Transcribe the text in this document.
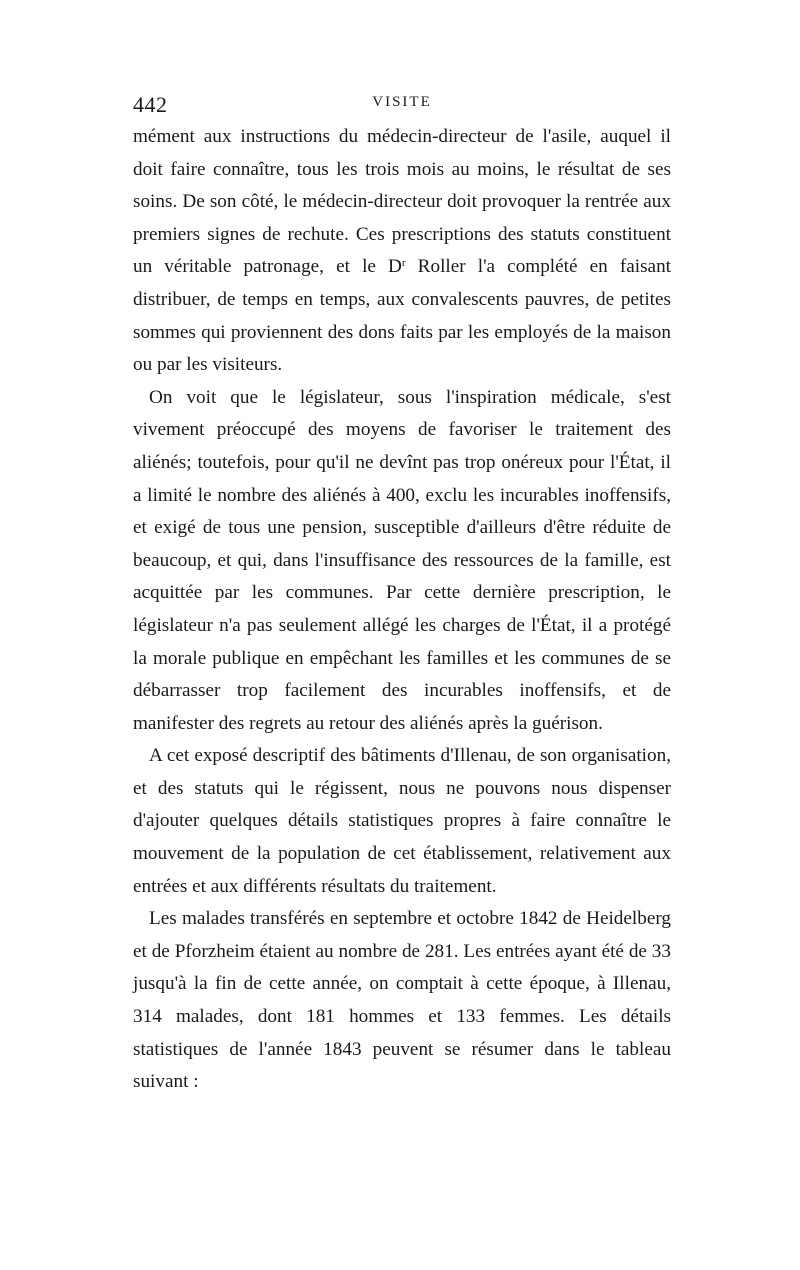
442	VISITE

mément aux instructions du médecin-directeur de l'asile, auquel il doit faire connaître, tous les trois mois au moins, le résultat de ses soins. De son côté, le médecin-directeur doit provoquer la rentrée aux premiers signes de rechute. Ces prescriptions des statuts constituent un véritable patronage, et le $D^r$ Roller l'a complété en faisant distribuer, de temps en temps, aux convalescents pauvres, de petites sommes qui proviennent des dons faits par les employés de la maison ou par les visiteurs.

On voit que le législateur, sous l'inspiration médicale, s'est vivement préoccupé des moyens de favoriser le traitement des aliénés; toutefois, pour qu'il ne devînt pas trop onéreux pour l'État, il a limité le nombre des aliénés à 400, exclu les incurables inoffensifs, et exigé de tous une pension, susceptible d'ailleurs d'être réduite de beaucoup, et qui, dans l'insuffisance des ressources de la famille, est acquittée par les communes. Par cette dernière prescription, le législateur n'a pas seulement allégé les charges de l'État, il a protégé la morale publique en empêchant les familles et les communes de se débarrasser trop facilement des incurables inoffensifs, et de manifester des regrets au retour des aliénés après la guérison.

A cet exposé descriptif des bâtiments d'Illenau, de son organisation, et des statuts qui le régissent, nous ne pouvons nous dispenser d'ajouter quelques détails statistiques propres à faire connaître le mouvement de la population de cet établissement, relativement aux entrées et aux différents résultats du traitement.

Les malades transférés en septembre et octobre 1842 de Heidelberg et de Pforzheim étaient au nombre de 281. Les entrées ayant été de 33 jusqu'à la fin de cette année, on comptait à cette époque, à Illenau, 314 malades, dont 181 hommes et 133 femmes. Les détails statistiques de l'année 1843 peuvent se résumer dans le tableau suivant :
